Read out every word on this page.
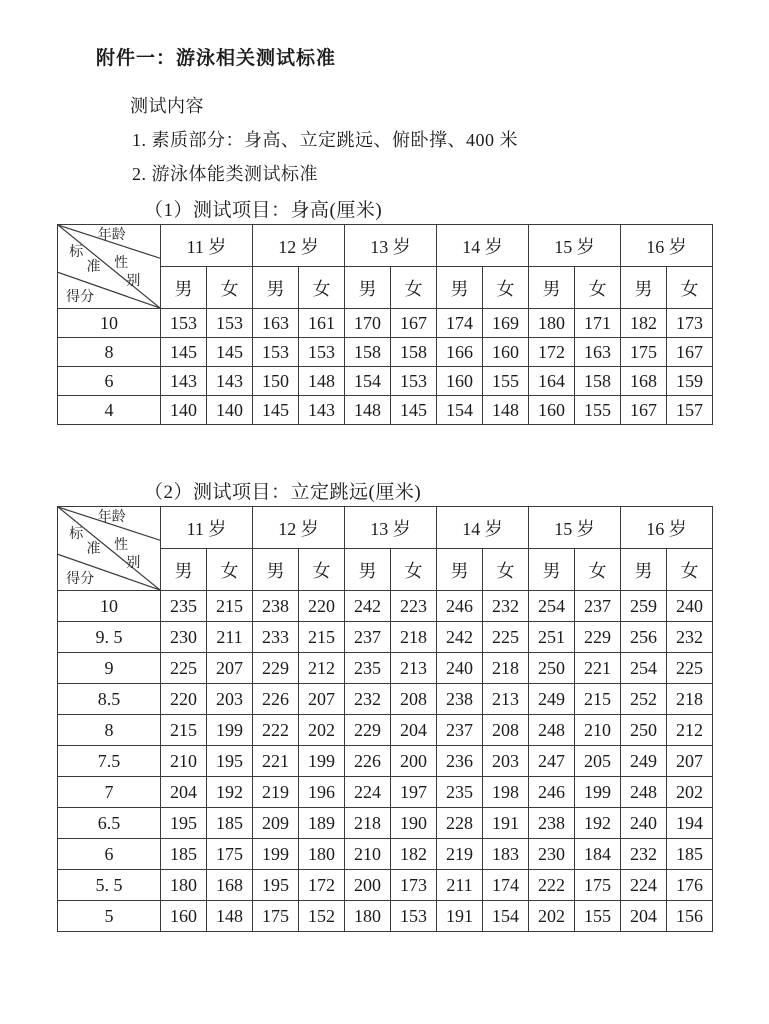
附件一：游泳相关测试标准
测试内容
1. 素质部分：身高、立定跳远、俯卧撑、400 米
2. 游泳体能类测试标准
（1）测试项目：身高(厘米)
年龄
标
准 性
别
得分
	11 岁	12 岁	13 岁	14 岁	15 岁	16 岁
	男	女	男	女	男	女	男	女	男	女	男	女
10	153	153	163	161	170	167	174	169	180	171	182	173
8	145	145	153	153	158	158	166	160	172	163	175	167
6	143	143	150	148	154	153	160	155	164	158	168	159
4	140	140	145	143	148	145	154	148	160	155	167	157
（2）测试项目：立定跳远(厘米)
年龄
标
准 性
别
得分
	11 岁	12 岁	13 岁	14 岁	15 岁	16 岁
	男	女	男	女	男	女	男	女	男	女	男	女
10	235	215	238	220	242	223	246	232	254	237	259	240
9. 5	230	211	233	215	237	218	242	225	251	229	256	232
9	225	207	229	212	235	213	240	218	250	221	254	225
8.5	220	203	226	207	232	208	238	213	249	215	252	218
8	215	199	222	202	229	204	237	208	248	210	250	212
7.5	210	195	221	199	226	200	236	203	247	205	249	207
7	204	192	219	196	224	197	235	198	246	199	248	202
6.5	195	185	209	189	218	190	228	191	238	192	240	194
6	185	175	199	180	210	182	219	183	230	184	232	185
5. 5	180	168	195	172	200	173	211	174	222	175	224	176
5	160	148	175	152	180	153	191	154	202	155	204	156
